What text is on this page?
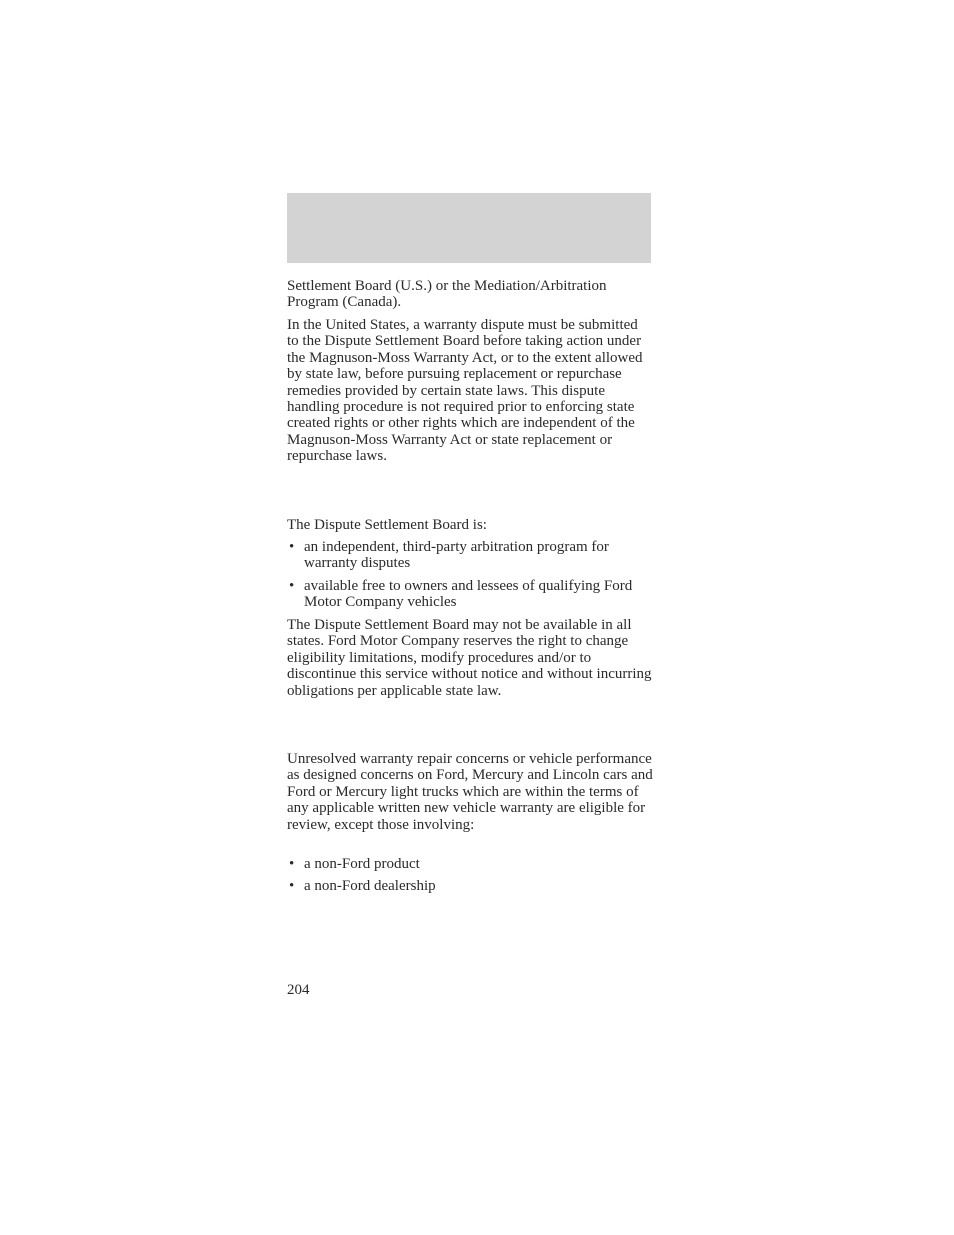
Settlement Board (U.S.) or the Mediation/Arbitration Program (Canada).

In the United States, a warranty dispute must be submitted to the Dispute Settlement Board before taking action under the Magnuson-Moss Warranty Act, or to the extent allowed by state law, before pursuing replacement or repurchase remedies provided by certain state laws. This dispute handling procedure is not required prior to enforcing state created rights or other rights which are independent of the Magnuson-Moss Warranty Act or state replacement or repurchase laws.

The Dispute Settlement Board is:

• an independent, third-party arbitration program for warranty disputes

• available free to owners and lessees of qualifying Ford Motor Company vehicles

The Dispute Settlement Board may not be available in all states. Ford Motor Company reserves the right to change eligibility limitations, modify procedures and/or to discontinue this service without notice and without incurring obligations per applicable state law.

Unresolved warranty repair concerns or vehicle performance as designed concerns on Ford, Mercury and Lincoln cars and Ford or Mercury light trucks which are within the terms of any applicable written new vehicle warranty are eligible for review, except those involving:

• a non-Ford product

• a non-Ford dealership

204
